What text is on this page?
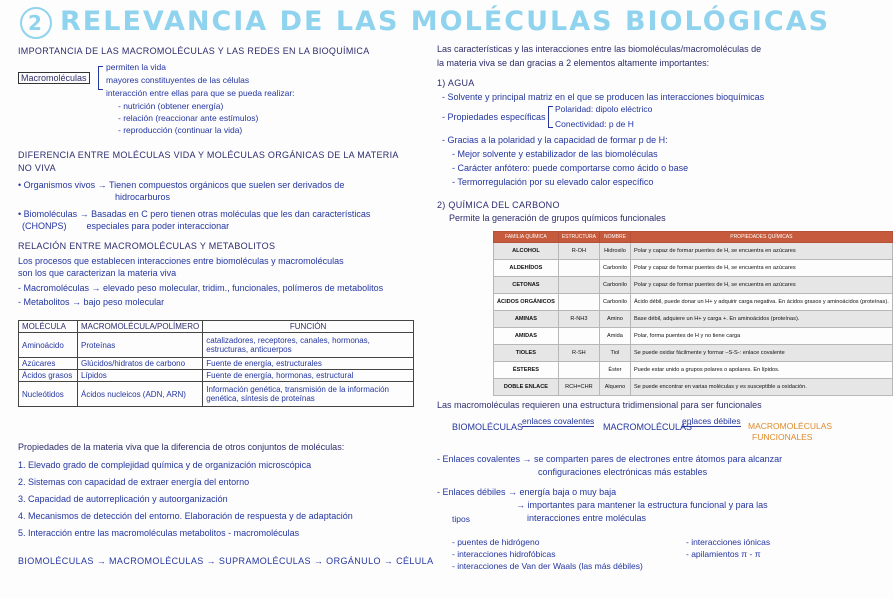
2 RELEVANCIA DE LAS MOLÉCULAS BIOLÓGICAS
IMPORTANCIA DE LAS MACROMOLÉCULAS Y LAS REDES EN LA BIOQUÍMICA
Macromoléculas
permiten la vida
mayores constituyentes de las células
interacción entre ellas para que se pueda realizar:
- nutrición (obtener energía)
- relación (reaccionar ante estímulos)
- reproducción (continuar la vida)
DIFERENCIA ENTRE MOLÉCULAS VIDA Y MOLÉCULAS ORGÁNICAS DE LA MATERIA
NO VIVA
• Organismos vivos → Tienen compuestos orgánicos que suelen ser derivados de
hidrocarburos
• Biomoléculas → Basadas en C pero tienen otras moléculas que les dan características
(CHONPS)        especiales para poder interaccionar
RELACIÓN ENTRE MACROMOLÉCULAS Y METABOLITOS
Los procesos que establecen interacciones entre biomoléculas y macromoléculas
son los que caracterizan la materia viva
- Macromoléculas → elevado peso molecular, tridim., funcionales, polímeros de metabolitos
- Metabolitos → bajo peso molecular
MOLÉCULA	MACROMOLÉCULA/POLÍMERO	FUNCIÓN
Aminoácido	Proteínas	catalizadores, receptores, canales, hormonas, estructuras, anticuerpos
Azúcares	Glúcidos/hidratos de carbono	Fuente de energía, estructurales
Ácidos grasos	Lípidos	Fuente de energía, hormonas, estructural
Nucleótidos	Ácidos nucleicos (ADN, ARN)	Información genética, transmisión de la información genética, síntesis de proteínas
Propiedades de la materia viva que la diferencia de otros conjuntos de moléculas:
1. Elevado grado de complejidad química y de organización microscópica
2. Sistemas con capacidad de extraer energía del entorno
3. Capacidad de autorreplicación y autoorganización
4. Mecanismos de detección del entorno. Elaboración de respuesta y de adaptación
5. Interacción entre las macromoléculas metabolitos - macromoléculas
BIOMOLÉCULAS → MACROMOLÉCULAS → SUPRAMOLÉCULAS → ORGÁNULO → CÉLULA
Las características y las interacciones entre las biomoléculas/macromoléculas de
la materia viva se dan gracias a 2 elementos altamente importantes:
1) AGUA
- Solvente y principal matriz en el que se producen las interacciones bioquímicas
- Propiedades específicas
Polaridad: dipolo eléctrico
Conectividad: p de H
- Gracias a la polaridad y la capacidad de formar p de H:
- Mejor solvente y estabilizador de las biomoléculas
- Carácter anfótero: puede comportarse como ácido o base
- Termorregulación por su elevado calor específico
2) QUÍMICA DEL CARBONO
Permite la generación de grupos químicos funcionales
FAMILIA QUÍMICA	ESTRUCTURA	NOMBRE	PROPIEDADES QUÍMICAS
ALCOHOL	R-OH	Hidroxilo	Polar y capaz de formar puentes de H, se encuentra en azúcares
ALDEHÍDOS		Carbonilo	Polar y capaz de formar puentes de H, se encuentra en azúcares
CETONAS		Carbonilo	Polar y capaz de formar puentes de H, se encuentra en azúcares
ÁCIDOS ORGÁNICOS		Carbonilo	Ácido débil, puede donar un H+ y adquirir carga negativa. En ácidos grasos y aminoácidos (proteínas).
AMINAS	R-NH3	Amino	Base débil, adquiere un H+ y carga +. En aminoácidos (proteínas).
AMIDAS		Amida	Polar, forma puentes de H y no tiene carga
TIOLES	R-SH	Tiol	Se puede oxidar fácilmente y formar –S-S-: enlace covalente
ÉSTERES		Éster	Puede estar unido a grupos polares o apolares. En lípidos.
DOBLE ENLACE	RCH=CHR	Alqueno	Se puede encontrar en varias moléculas y es susceptible a oxidación.
Las macromoléculas requieren una estructura tridimensional para ser funcionales
BIOMOLÉCULAS
enlaces covalentes
MACROMOLÉCULAS
enlaces débiles MACROMOLÉCULAS
FUNCIONALES
- Enlaces covalentes → se comparten pares de electrones entre átomos para alcanzar
configuraciones electrónicas más estables
- Enlaces débiles → energía baja o muy baja
→ importantes para mantener la estructura funcional y para las
interacciones entre moléculas
tipos
- puentes de hidrógeno
- interacciones hidrofóbicas
- interacciones de Van der Waals (las más débiles)
- interacciones iónicas
- apilamientos π - π
